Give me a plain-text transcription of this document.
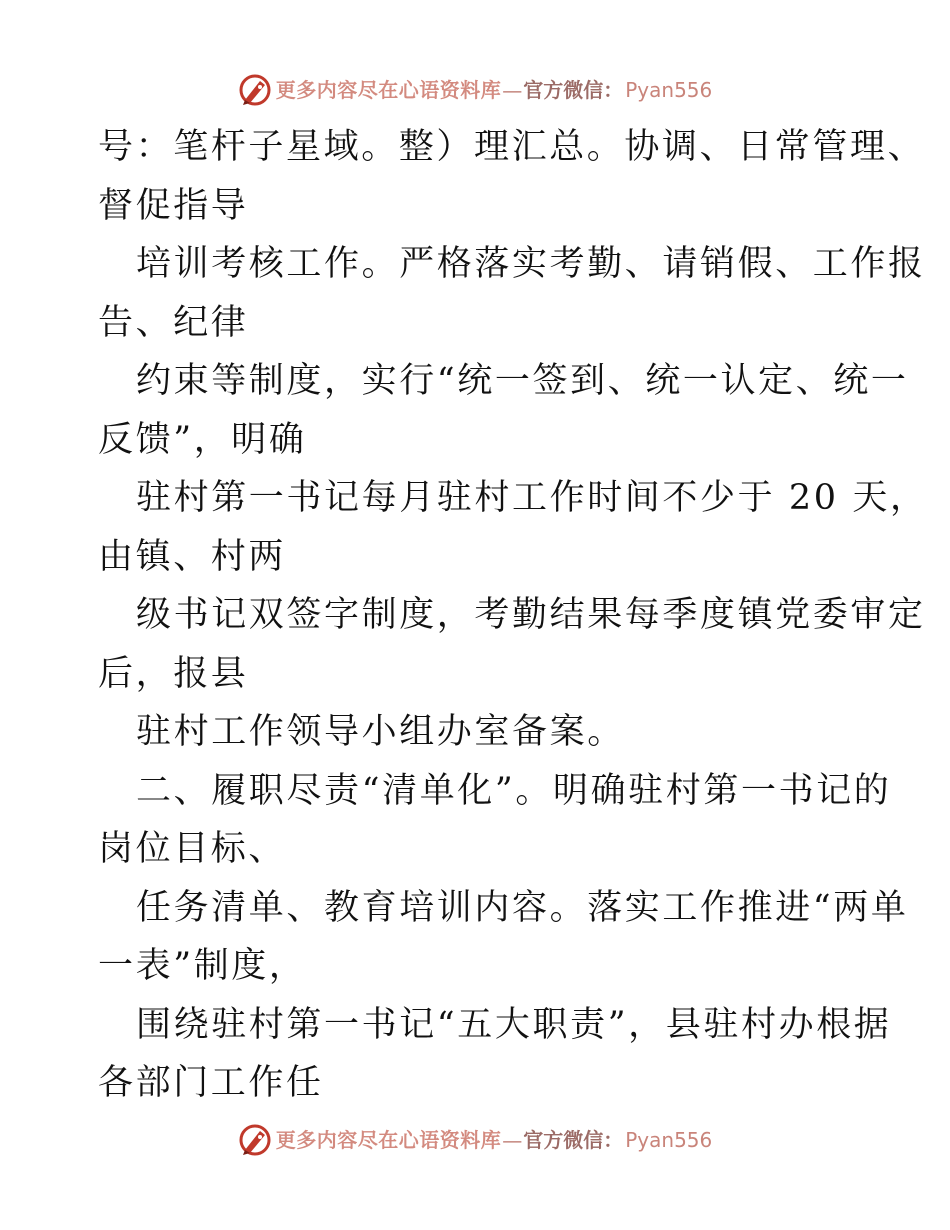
更多内容尽在心语资料库 — 官方微信： Pyan556
号：笔杆子星域。整）理汇总。协调、日常管理、
督促指导
培训考核工作。严格落实考勤、请销假、工作报
告、纪律
约束等制度，实行“统一签到、统一认定、统一
反馈”，明确
驻村第一书记每月驻村工作时间不少于 20 天，
由镇、村两
级书记双签字制度，考勤结果每季度镇党委审定
后，报县
驻村工作领导小组办室备案。
二、履职尽责“清单化”。明确驻村第一书记的
岗位目标、
任务清单、教育培训内容。落实工作推进“两单
一表”制度，
围绕驻村第一书记“五大职责”，县驻村办根据
各部门工作任
更多内容尽在心语资料库 — 官方微信： Pyan556
